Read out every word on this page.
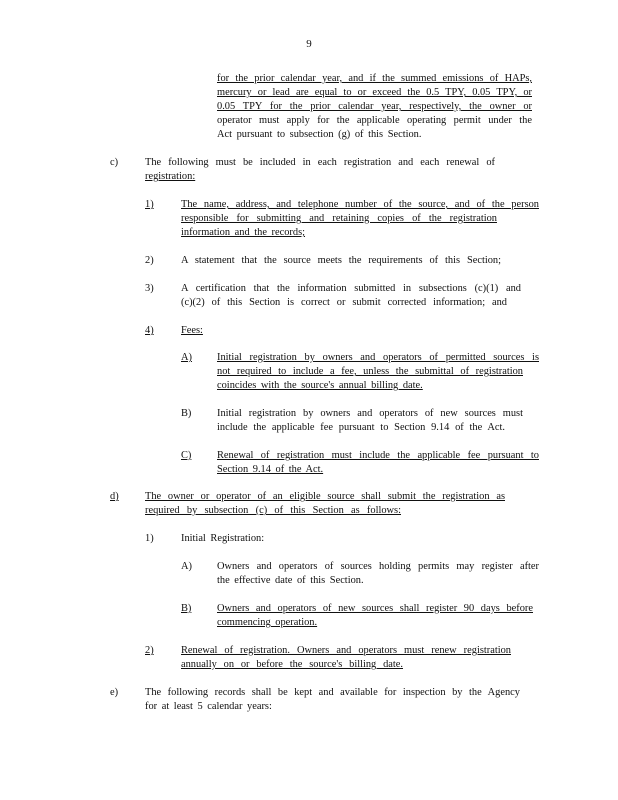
9
for the prior calendar year, and if the summed emissions of HAPs,
mercury or lead are equal to or exceed the 0.5 TPY, 0.05 TPY, or
0.05 TPY for the prior calendar year, respectively, the owner or
operator must apply for the applicable operating permit under the
Act pursuant to subsection (g) of this Section.
c)	The following must be included in each registration and each renewal of
registration:
1)	The name, address, and telephone number of the source, and of the person
responsible for submitting and retaining copies of the registration
information and the records;
2)	A statement that the source meets the requirements of this Section;
3)	A certification that the information submitted in subsections (c)(1) and
(c)(2) of this Section is correct or submit corrected information; and
4)	Fees:
A) Initial registration by owners and operators of permitted sources is
not required to include a fee, unless the submittal of registration
coincides with the source's annual billing date.
B) Initial registration by owners and operators of new sources must
include the applicable fee pursuant to Section 9.14 of the Act.
C) Renewal of registration must include the applicable fee pursuant to
Section 9.14 of the Act.
d)	The owner or operator of an eligible source shall submit the registration as
required by subsection (c) of this Section as follows:
1)	Initial Registration:
A) Owners and operators of sources holding permits may register after
the effective date of this Section.
B) Owners and operators of new sources shall register 90 days before
commencing operation.
2)	Renewal of registration. Owners and operators must renew registration
annually on or before the source's billing date.
e)	The following records shall be kept and available for inspection by the Agency
for at least 5 calendar years:
